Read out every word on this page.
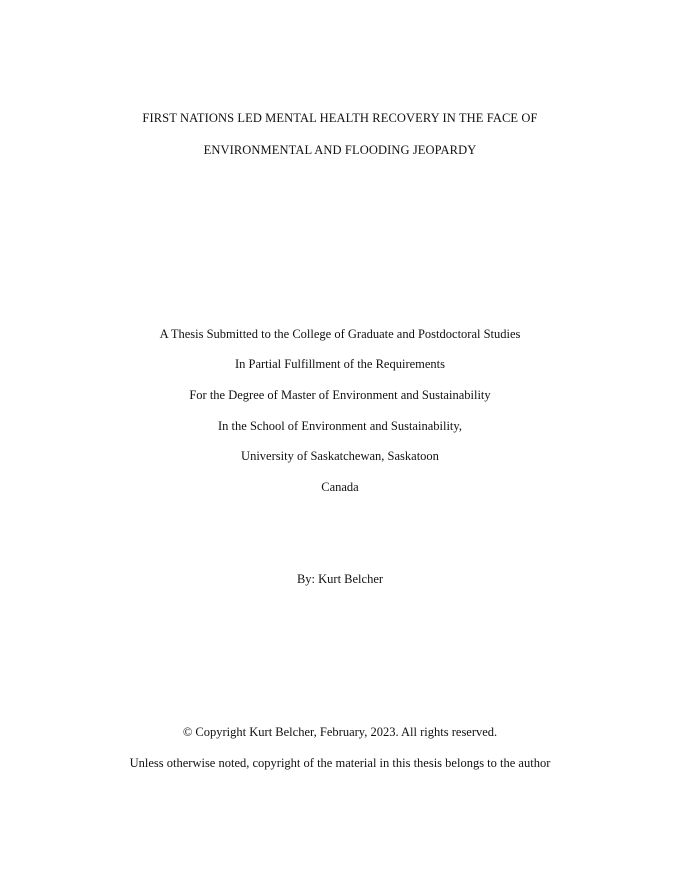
FIRST NATIONS LED MENTAL HEALTH RECOVERY IN THE FACE OF
ENVIRONMENTAL AND FLOODING JEOPARDY
A Thesis Submitted to the College of Graduate and Postdoctoral Studies
In Partial Fulfillment of the Requirements
For the Degree of Master of Environment and Sustainability
In the School of Environment and Sustainability,
University of Saskatchewan, Saskatoon
Canada
By: Kurt Belcher
© Copyright Kurt Belcher, February, 2023. All rights reserved.
Unless otherwise noted, copyright of the material in this thesis belongs to the author
